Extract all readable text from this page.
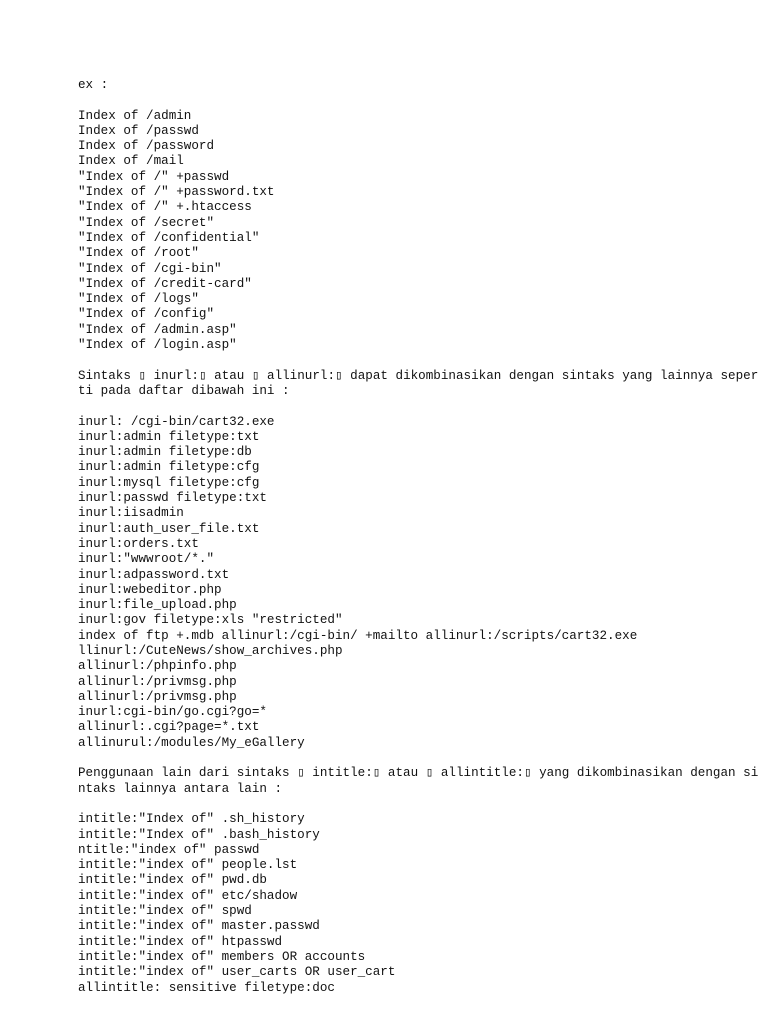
ex :
Index of /admin
Index of /passwd
Index of /password
Index of /mail
"Index of /" +passwd
"Index of /" +password.txt
"Index of /" +.htaccess
"Index of /secret"
"Index of /confidential"
"Index of /root"
"Index of /cgi-bin"
"Index of /credit-card"
"Index of /logs"
"Index of /config"
"Index of /admin.asp"
"Index of /login.asp"
Sintaks ▯ inurl:▯ atau ▯ allinurl:▯ dapat dikombinasikan dengan sintaks yang lainnya seper
ti pada daftar dibawah ini :
inurl: /cgi-bin/cart32.exe
inurl:admin filetype:txt
inurl:admin filetype:db
inurl:admin filetype:cfg
inurl:mysql filetype:cfg
inurl:passwd filetype:txt
inurl:iisadmin
inurl:auth_user_file.txt
inurl:orders.txt
inurl:"wwwroot/*."
inurl:adpassword.txt
inurl:webeditor.php
inurl:file_upload.php
inurl:gov filetype:xls "restricted"
index of ftp +.mdb allinurl:/cgi-bin/ +mailto allinurl:/scripts/cart32.exe
llinurl:/CuteNews/show_archives.php
allinurl:/phpinfo.php
allinurl:/privmsg.php
allinurl:/privmsg.php
inurl:cgi-bin/go.cgi?go=*
allinurl:.cgi?page=*.txt
allinurul:/modules/My_eGallery
Penggunaan lain dari sintaks ▯ intitle:▯ atau ▯ allintitle:▯ yang dikombinasikan dengan si
ntaks lainnya antara lain :
intitle:"Index of" .sh_history
intitle:"Index of" .bash_history
ntitle:"index of" passwd
intitle:"index of" people.lst
intitle:"index of" pwd.db
intitle:"index of" etc/shadow
intitle:"index of" spwd
intitle:"index of" master.passwd
intitle:"index of" htpasswd
intitle:"index of" members OR accounts
intitle:"index of" user_carts OR user_cart
allintitle: sensitive filetype:doc
